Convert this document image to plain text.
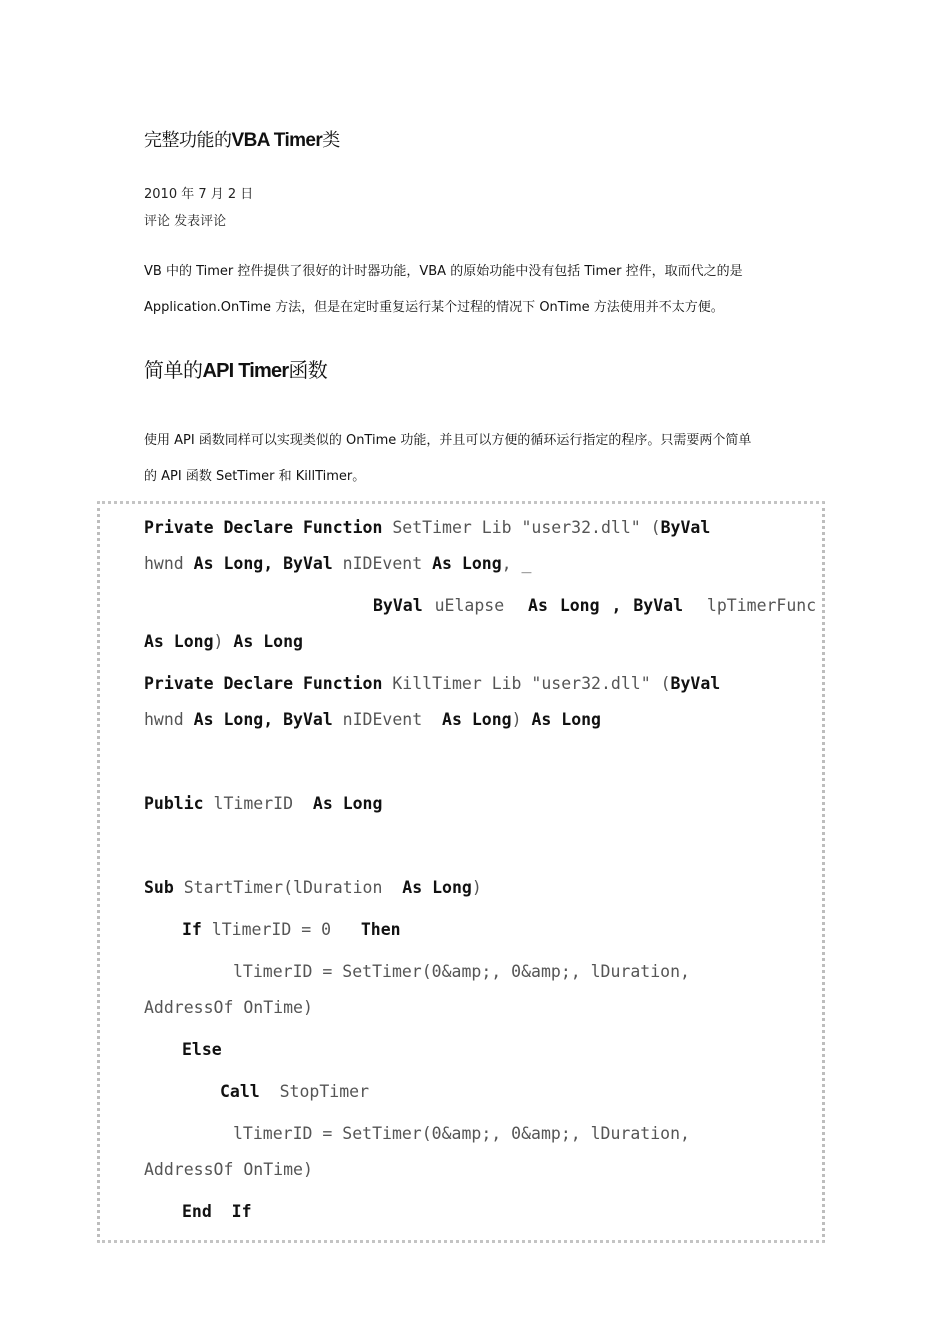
完整功能的VBA Timer类
2010 年 7 月 2 日
评论 发表评论
VB 中的 Timer 控件提供了很好的计时器功能，VBA 的原始功能中没有包括 Timer 控件，取而代之的是
Application.OnTime 方法，但是在定时重复运行某个过程的情况下 OnTime 方法使用并不太方便。
简单的API Timer函数
使用 API 函数同样可以实现类似的 OnTime 功能，并且可以方便的循环运行指定的程序。只需要两个简单
的 API 函数 SetTimer 和 KillTimer。
Private Declare Function SetTimer Lib "user32.dll" (ByVal
hwnd As Long, ByVal nIDEvent As Long, _
ByVal uElapse  As Long , ByVal  lpTimerFunc
As Long) As Long
Private Declare Function KillTimer Lib "user32.dll" (ByVal
hwnd As Long, ByVal nIDEvent  As Long) As Long
Public lTimerID  As Long
Sub StartTimer(lDuration  As Long)
If lTimerID = 0   Then
lTimerID = SetTimer(0&amp;, 0&amp;, lDuration,
AddressOf OnTime)
Else
Call  StopTimer
lTimerID = SetTimer(0&amp;, 0&amp;, lDuration,
AddressOf OnTime)
End  If
